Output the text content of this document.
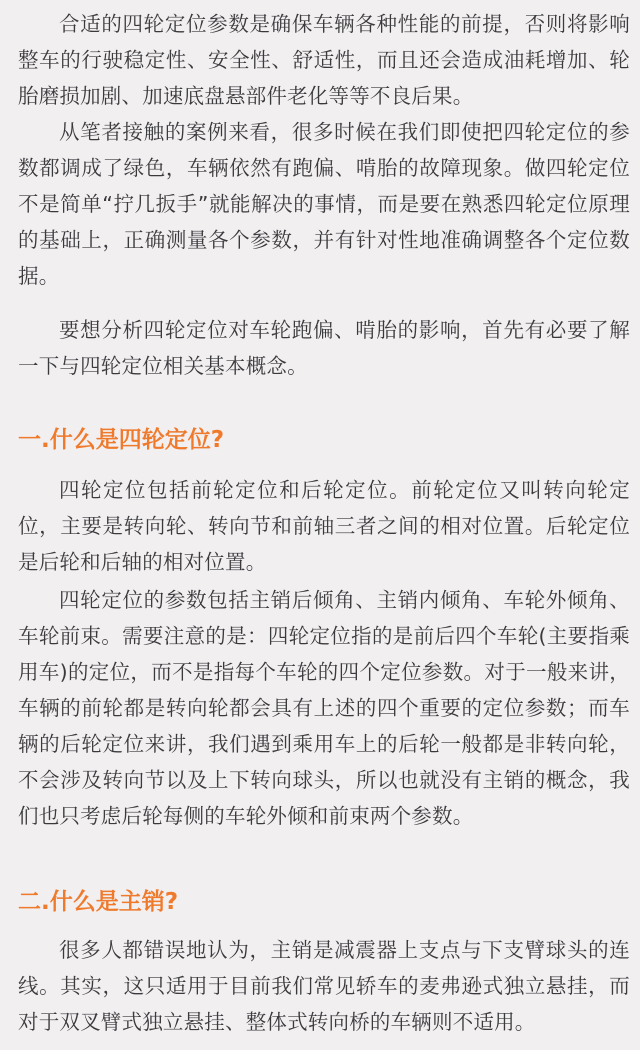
合适的四轮定位参数是确保车辆各种性能的前提，否则将影响整车的行驶稳定性、安全性、舒适性，而且还会造成油耗增加、轮胎磨损加剧、加速底盘悬部件老化等等不良后果。

从笔者接触的案例来看，很多时候在我们即使把四轮定位的参数都调成了绿色，车辆依然有跑偏、啃胎的故障现象。做四轮定位不是简单“拧几扳手”就能解决的事情，而是要在熟悉四轮定位原理的基础上，正确测量各个参数，并有针对性地准确调整各个定位数据。

要想分析四轮定位对车轮跑偏、啃胎的影响，首先有必要了解一下与四轮定位相关基本概念。

一.什么是四轮定位?

四轮定位包括前轮定位和后轮定位。前轮定位又叫转向轮定位，主要是转向轮、转向节和前轴三者之间的相对位置。后轮定位是后轮和后轴的相对位置。

四轮定位的参数包括主销后倾角、主销内倾角、车轮外倾角、车轮前束。需要注意的是：四轮定位指的是前后四个车轮(主要指乘用车)的定位，而不是指每个车轮的四个定位参数。对于一般来讲，车辆的前轮都是转向轮都会具有上述的四个重要的定位参数；而车辆的后轮定位来讲，我们遇到乘用车上的后轮一般都是非转向轮，不会涉及转向节以及上下转向球头，所以也就没有主销的概念，我们也只考虑后轮每侧的车轮外倾和前束两个参数。

二.什么是主销?

很多人都错误地认为，主销是减震器上支点与下支臂球头的连线。其实，这只适用于目前我们常见轿车的麦弗逊式独立悬挂，而对于双叉臂式独立悬挂、整体式转向桥的车辆则不适用。
